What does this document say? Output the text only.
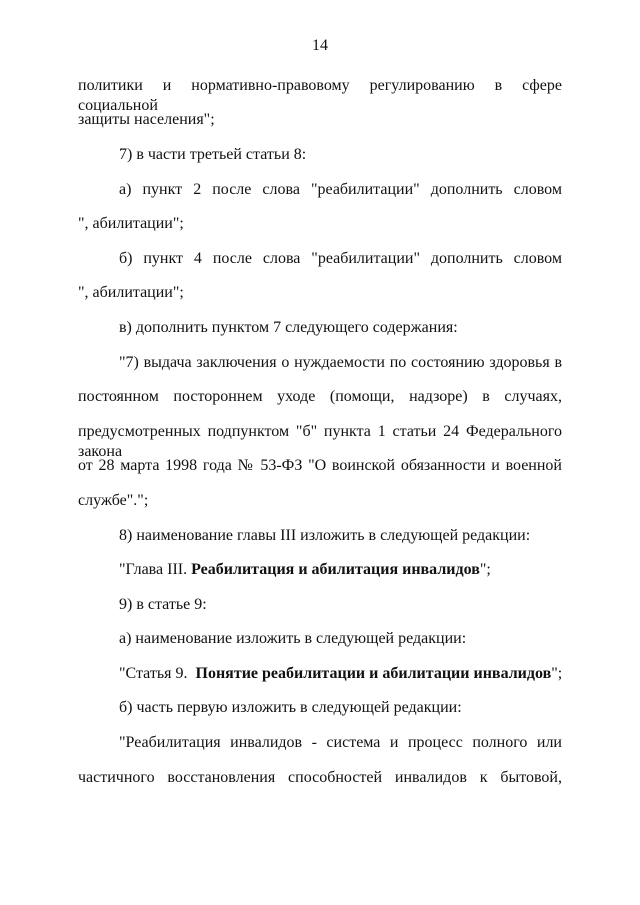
14
политики и нормативно-правовому регулированию в сфере социальной
защиты населения";
7) в части третьей статьи 8:
а) пункт 2 после слова "реабилитации" дополнить словом
", абилитации";
б) пункт 4 после слова "реабилитации" дополнить словом
", абилитации";
в) дополнить пунктом 7 следующего содержания:
"7) выдача заключения о нуждаемости по состоянию здоровья в
постоянном постороннем уходе (помощи, надзоре) в случаях,
предусмотренных подпунктом "б" пункта 1 статьи 24 Федерального закона
от 28 марта 1998 года № 53-ФЗ "О воинской обязанности и военной
службе".";
8) наименование главы III изложить в следующей редакции:
"Глава III. Реабилитация и абилитация инвалидов";
9) в статье 9:
а) наименование изложить в следующей редакции:
"Статья 9.  Понятие реабилитации и абилитации инвалидов";
б) часть первую изложить в следующей редакции:
"Реабилитация инвалидов - система и процесс полного или
частичного восстановления способностей инвалидов к бытовой,
